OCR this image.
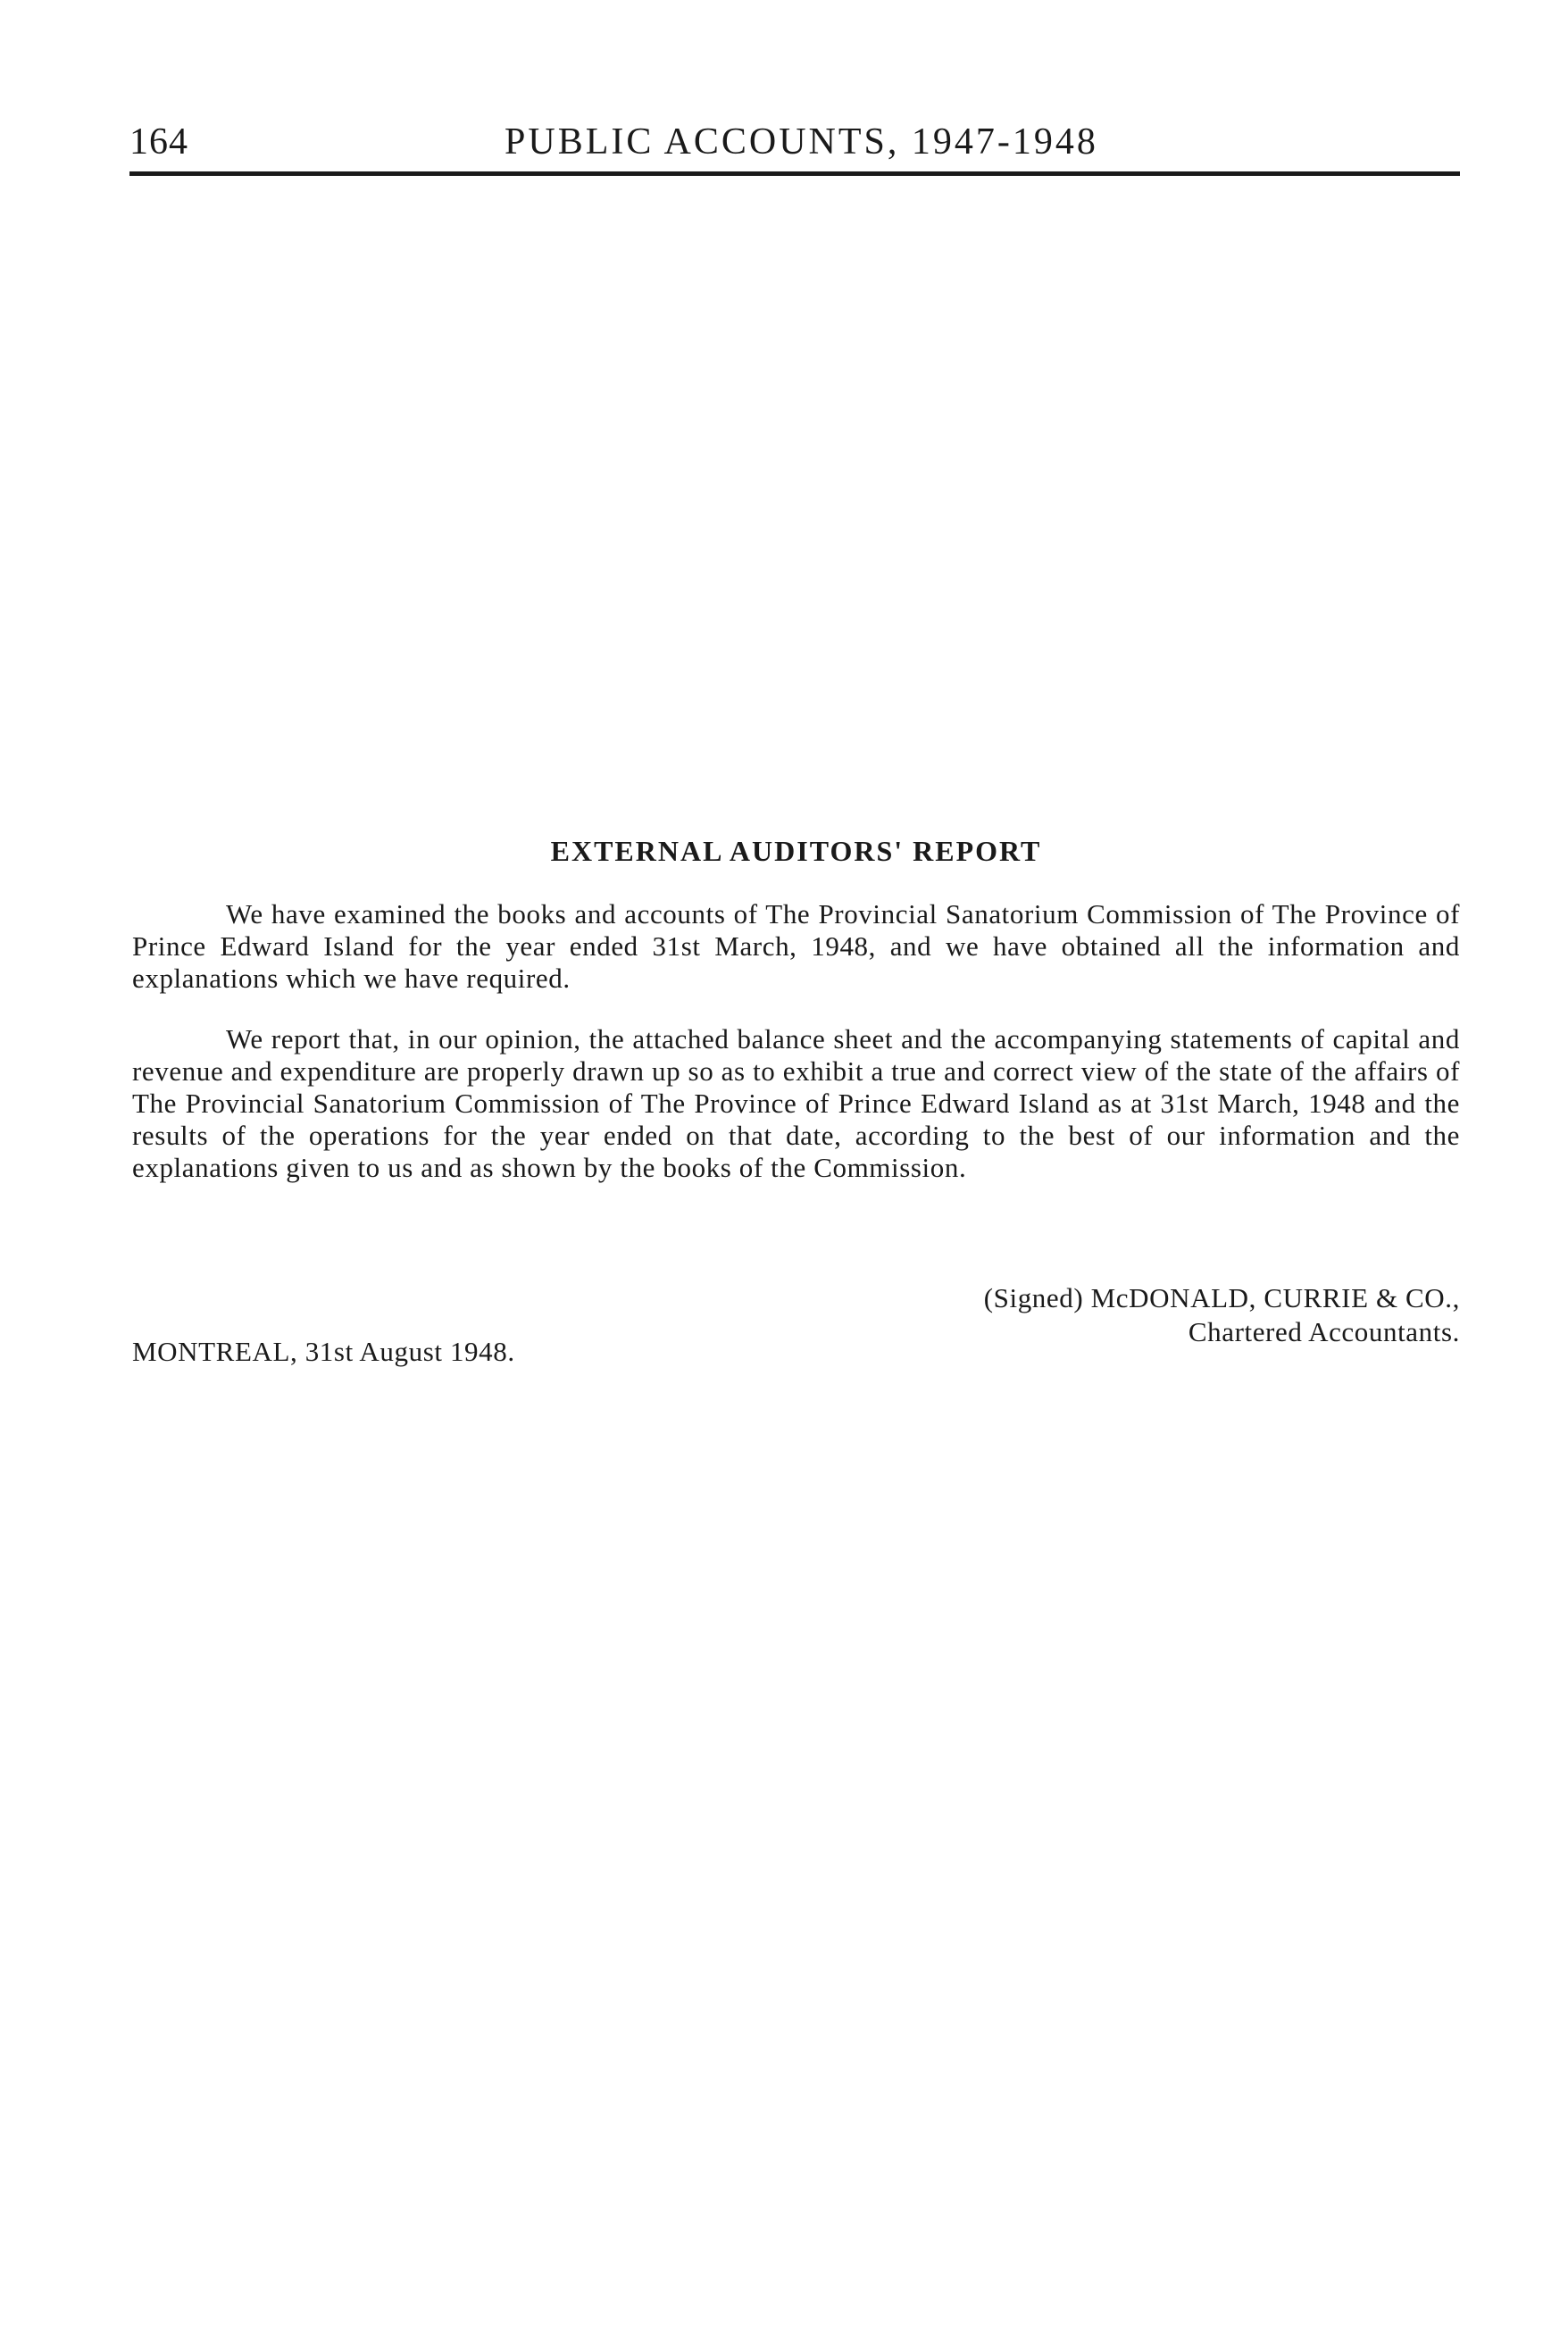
164	PUBLIC ACCOUNTS, 1947-1948
EXTERNAL AUDITORS' REPORT

We have examined the books and accounts of The Provincial Sanatorium Commission of The Province of Prince Edward Island for the year ended 31st March, 1948, and we have obtained all the information and explanations which we have required.

We report that, in our opinion, the attached balance sheet and the accompanying statements of capital and revenue and expenditure are properly drawn up so as to exhibit a true and correct view of the state of the affairs of The Provincial Sanatorium Commission of The Province of Prince Edward Island as at 31st March, 1948 and the results of the operations for the year ended on that date, according to the best of our information and the explanations given to us and as shown by the books of the Commission.

(Signed) McDONALD, CURRIE & CO.,
Chartered Accountants.
MONTREAL, 31st August 1948.
